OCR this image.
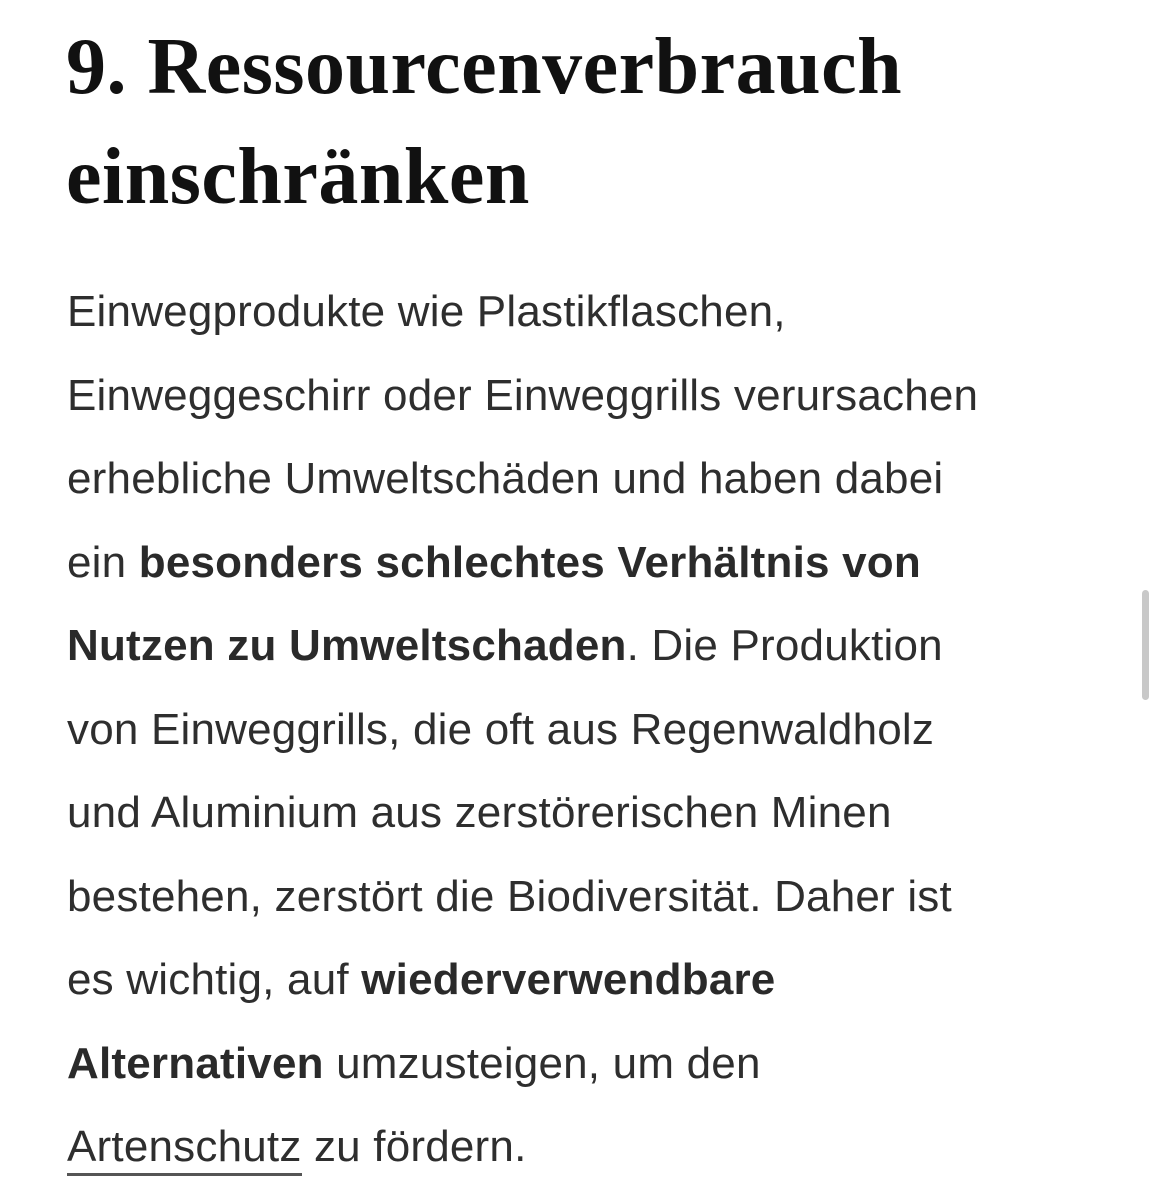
9. Ressourcenverbrauch
einschränken
Einwegprodukte wie Plastikflaschen,
Einweggeschirr oder Einweggrills verursachen
erhebliche Umweltschäden und haben dabei
ein besonders schlechtes Verhältnis von
Nutzen zu Umweltschaden. Die Produktion
von Einweggrills, die oft aus Regenwaldholz
und Aluminium aus zerstörerischen Minen
bestehen, zerstört die Biodiversität. Daher ist
es wichtig, auf wiederverwendbare
Alternativen umzusteigen, um den
Artenschutz zu fördern.
